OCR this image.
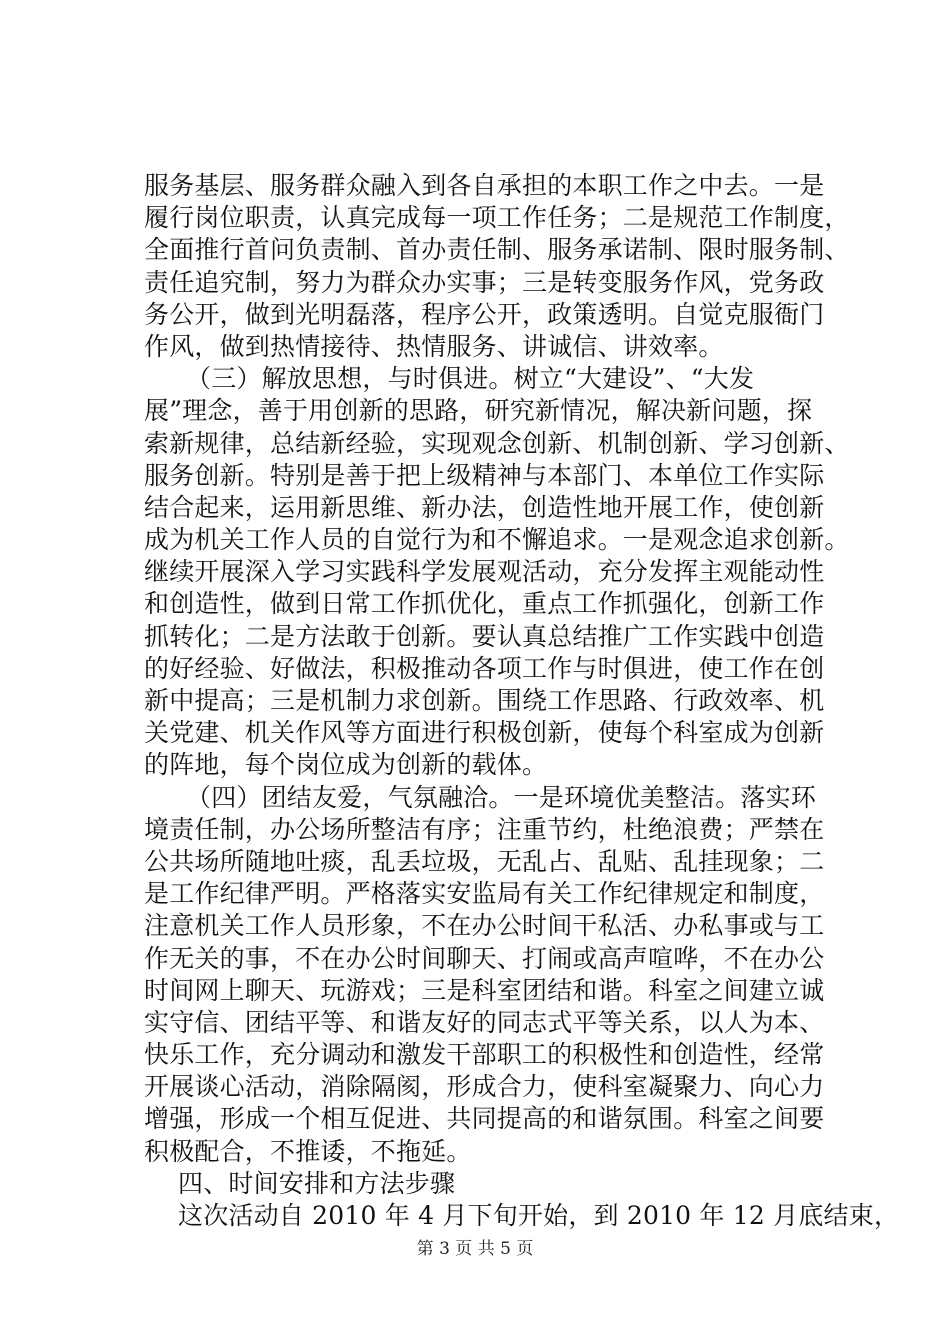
服务基层、服务群众融入到各自承担的本职工作之中去。一是
履行岗位职责，认真完成每一项工作任务；二是规范工作制度，
全面推行首问负责制、首办责任制、服务承诺制、限时服务制、
责任追究制，努力为群众办实事；三是转变服务作风，党务政
务公开，做到光明磊落，程序公开，政策透明。自觉克服衙门
作风，做到热情接待、热情服务、讲诚信、讲效率。
（三）解放思想，与时俱进。树立“大建设”、“大发
展”理念，善于用创新的思路，研究新情况，解决新问题，探
索新规律，总结新经验，实现观念创新、机制创新、学习创新、
服务创新。特别是善于把上级精神与本部门、本单位工作实际
结合起来，运用新思维、新办法，创造性地开展工作，使创新
成为机关工作人员的自觉行为和不懈追求。一是观念追求创新。
继续开展深入学习实践科学发展观活动，充分发挥主观能动性
和创造性，做到日常工作抓优化，重点工作抓强化，创新工作
抓转化；二是方法敢于创新。要认真总结推广工作实践中创造
的好经验、好做法，积极推动各项工作与时俱进，使工作在创
新中提高；三是机制力求创新。围绕工作思路、行政效率、机
关党建、机关作风等方面进行积极创新，使每个科室成为创新
的阵地，每个岗位成为创新的载体。
（四）团结友爱，气氛融洽。一是环境优美整洁。落实环
境责任制，办公场所整洁有序；注重节约，杜绝浪费；严禁在
公共场所随地吐痰，乱丢垃圾，无乱占、乱贴、乱挂现象；二
是工作纪律严明。严格落实安监局有关工作纪律规定和制度，
注意机关工作人员形象，不在办公时间干私活、办私事或与工
作无关的事，不在办公时间聊天、打闹或高声喧哗，不在办公
时间网上聊天、玩游戏；三是科室团结和谐。科室之间建立诚
实守信、团结平等、和谐友好的同志式平等关系，以人为本、
快乐工作，充分调动和激发干部职工的积极性和创造性，经常
开展谈心活动，消除隔阂，形成合力，使科室凝聚力、向心力
增强，形成一个相互促进、共同提高的和谐氛围。科室之间要
积极配合，不推诿，不拖延。
四、时间安排和方法步骤
这次活动自 2010 年 4 月下旬开始，到 2010 年 12 月底结束，
第 3 页 共 5 页
